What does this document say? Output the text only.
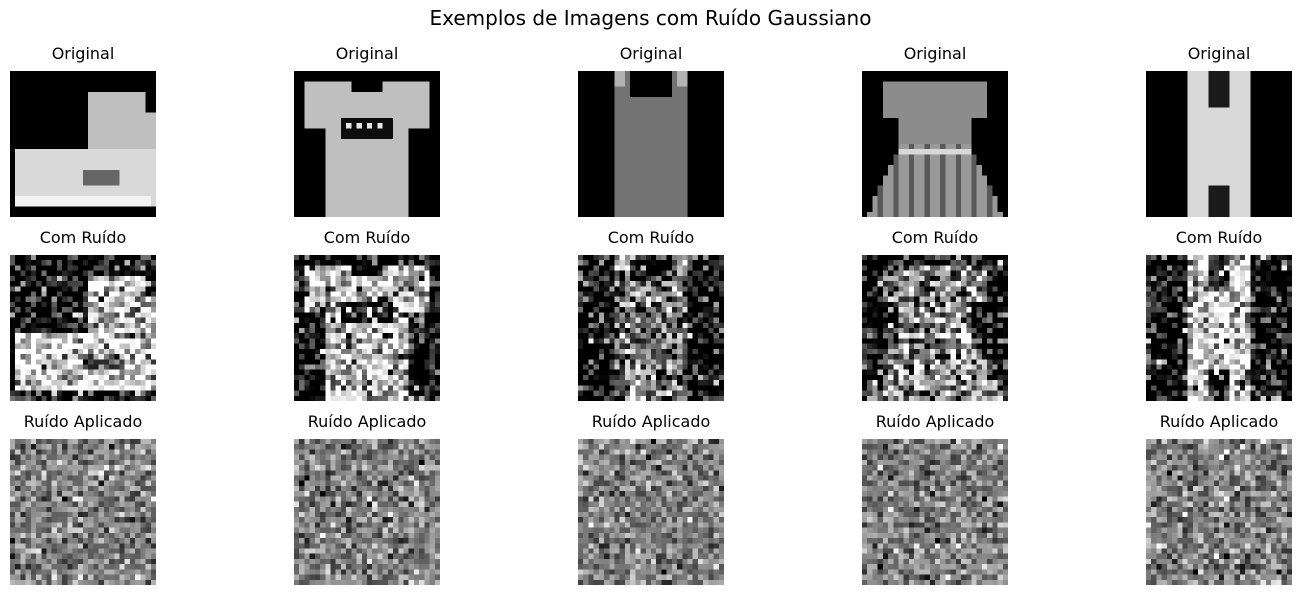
Exemplos de Imagens com Ruído Gaussiano
Original
Com Ruído
Ruído Aplicado
Original
Com Ruído
Ruído Aplicado
Original
Com Ruído
Ruído Aplicado
Original
Com Ruído
Ruído Aplicado
Original
Com Ruído
Ruído Aplicado
